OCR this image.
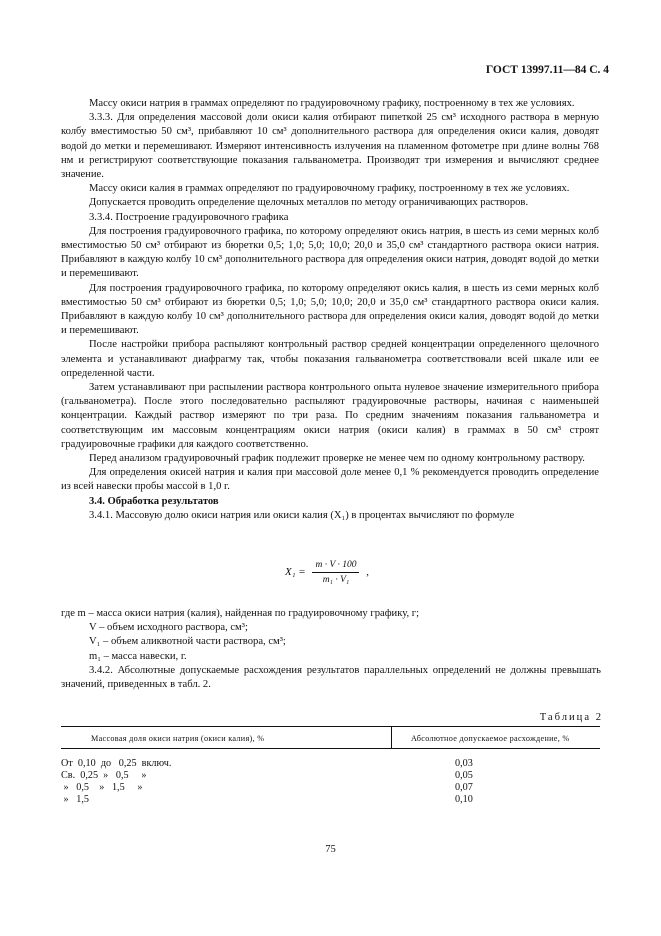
ГОСТ 13997.11—84 С. 4

Массу окиси натрия в граммах определяют по градуировочному графику, построенному в тех же условиях.

3.3.3. Для определения массовой доли окиси калия отбирают пипеткой 25 см³ исходного раствора в мерную колбу вместимостью 50 см³, прибавляют 10 см³ дополнительного раствора для определения окиси калия, доводят водой до метки и перемешивают. Измеряют интенсивность излучения на пламенном фотометре при длине волны 768 нм и регистрируют соответствующие показания гальванометра. Производят три измерения и вычисляют среднее значение.

Массу окиси калия в граммах определяют по градуировочному графику, построенному в тех же условиях.

Допускается проводить определение щелочных металлов по методу ограничивающих растворов.

3.3.4. Построение градуировочного графика

Для построения градуировочного графика, по которому определяют окись натрия, в шесть из семи мерных колб вместимостью 50 см³ отбирают из бюретки 0,5; 1,0; 5,0; 10,0; 20,0 и 35,0 см³ стандартного раствора окиси натрия. Прибавляют в каждую колбу 10 см³ дополнительного раствора для определения окиси натрия, доводят водой до метки и перемешивают.

Для построения градуировочного графика, по которому определяют окись калия, в шесть из семи мерных колб вместимостью 50 см³ отбирают из бюретки 0,5; 1,0; 5,0; 10,0; 20,0 и 35,0 см³ стандартного раствора окиси калия. Прибавляют в каждую колбу 10 см³ дополнительного раствора для определения окиси калия, доводят водой до метки и перемешивают.

После настройки прибора распыляют контрольный раствор средней концентрации определенного щелочного элемента и устанавливают диафрагму так, чтобы показания гальванометра соответствовали всей шкале или ее определенной части.

Затем устанавливают при распылении раствора контрольного опыта нулевое значение измерительного прибора (гальванометра). После этого последовательно распыляют градуировочные растворы, начиная с наименьшей концентрации. Каждый раствор измеряют по три раза. По средним значениям показания гальванометра и соответствующим им массовым концентрациям окиси натрия (окиси калия) в граммах в 50 см³ строят градуировочные графики для каждого соответственно.

Перед анализом градуировочный график подлежит проверке не менее чем по одному контрольному раствору.

Для определения окисей натрия и калия при массовой доле менее 0,1 % рекомендуется проводить определение из всей навески пробы массой в 1,0 г.

3.4. Обработка результатов

3.4.1. Массовую долю окиси натрия или окиси калия (X₁) в процентах вычисляют по формуле

$X_1 = \frac{m \cdot V \cdot 100}{\text{m₁ · V₁}}$ ,

где m – масса окиси натрия (калия), найденная по градуировочному графику, г;

V – объем исходного раствора, см³;

V₁ – объем аликвотной части раствора, см³;

m₁ – масса навески, г.

3.4.2. Абсолютные допускаемые расхождения результатов параллельных определений не должны превышать значений, приведенных в табл. 2.

Таблица 2
Массовая доля окиси натрия (окиси калия), %	Абсолютное допускаемое расхождение, %
От  0,10  до   0,25  включ.	0,03
Св.  0,25  »   0,5     »	0,05
»   0,5    »   1,5     »	0,07
»   1,5	0,10
75
